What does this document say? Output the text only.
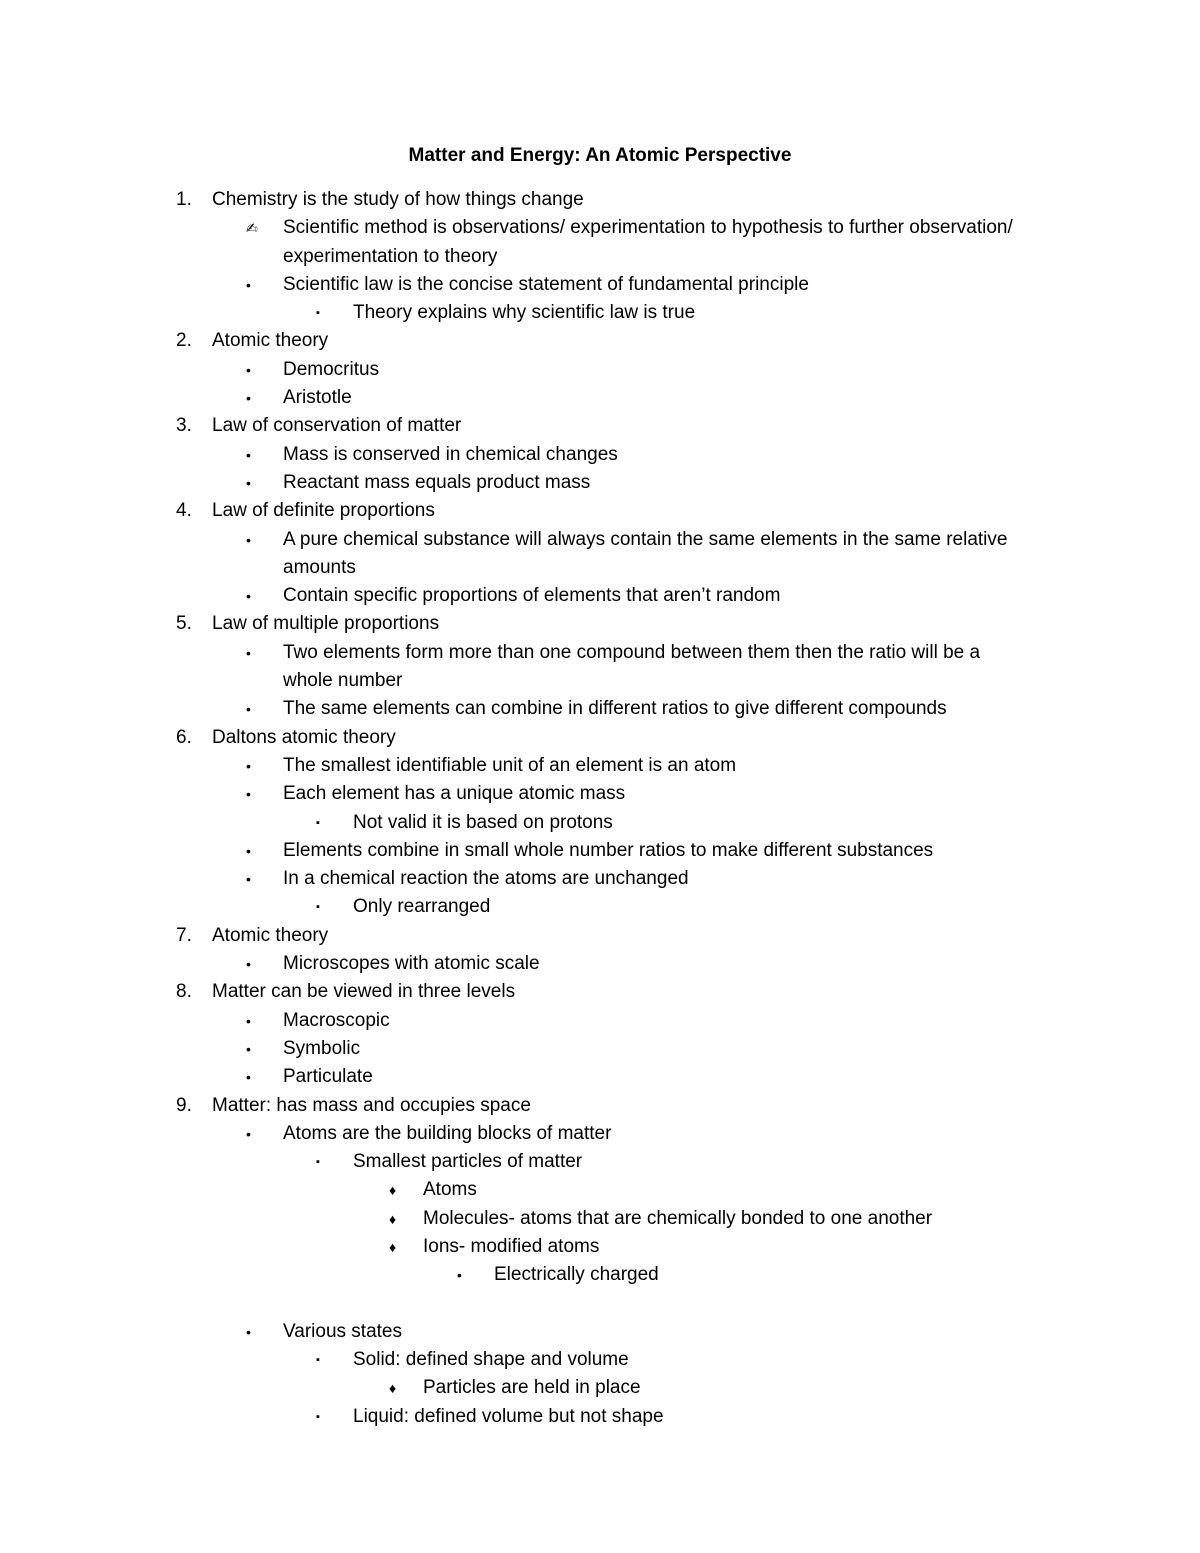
Matter and Energy: An Atomic Perspective
1. Chemistry is the study of how things change
✍ Scientific method is observations/ experimentation to hypothesis to further observation/
experimentation to theory
• Scientific law is the concise statement of fundamental principle
▪ Theory explains why scientific law is true
2. Atomic theory
• Democritus
• Aristotle
3. Law of conservation of matter
• Mass is conserved in chemical changes
• Reactant mass equals product mass
4. Law of definite proportions
• A pure chemical substance will always contain the same elements in the same relative
amounts
• Contain specific proportions of elements that aren’t random
5. Law of multiple proportions
• Two elements form more than one compound between them then the ratio will be a
whole number
• The same elements can combine in different ratios to give different compounds
6. Daltons atomic theory
• The smallest identifiable unit of an element is an atom
• Each element has a unique atomic mass
▪ Not valid it is based on protons
• Elements combine in small whole number ratios to make different substances
• In a chemical reaction the atoms are unchanged
▪ Only rearranged
7. Atomic theory
• Microscopes with atomic scale
8. Matter can be viewed in three levels
• Macroscopic
• Symbolic
• Particulate
9. Matter: has mass and occupies space
• Atoms are the building blocks of matter
▪ Smallest particles of matter
♦ Atoms
♦ Molecules- atoms that are chemically bonded to one another
♦ Ions- modified atoms
• Electrically charged
• Various states
▪ Solid: defined shape and volume
♦ Particles are held in place
▪ Liquid: defined volume but not shape
